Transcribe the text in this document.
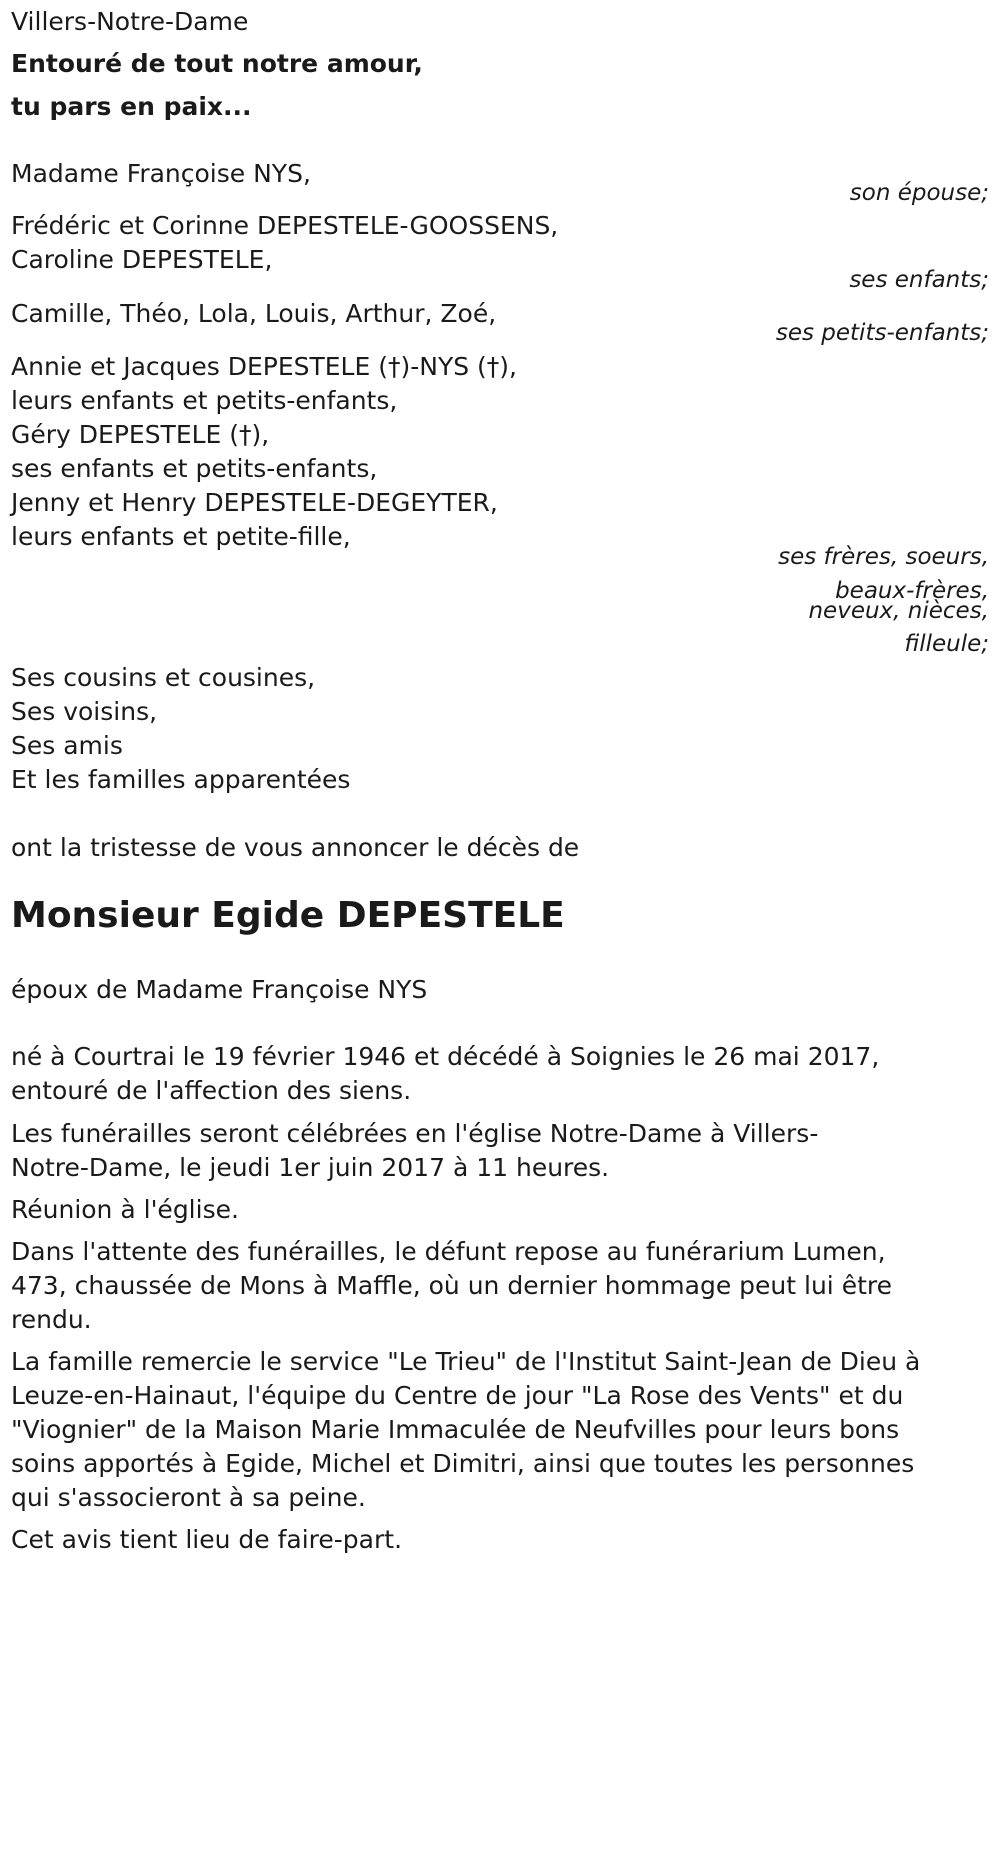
Villers-Notre-Dame

Entouré de tout notre amour,

tu pars en paix...

Madame Françoise NYS,

son épouse;

Frédéric et Corinne DEPESTELE-GOOSSENS,

Caroline DEPESTELE,

ses enfants;

Camille, Théo, Lola, Louis, Arthur, Zoé,

ses petits-enfants;

Annie et Jacques DEPESTELE (†)-NYS (†),

leurs enfants et petits-enfants,

Géry DEPESTELE (†),

ses enfants et petits-enfants,

Jenny et Henry DEPESTELE-DEGEYTER,

leurs enfants et petite-fille,

ses frères, soeurs,

beaux-frères,

neveux, nièces,

filleule;

Ses cousins et cousines,

Ses voisins,

Ses amis

Et les familles apparentées

ont la tristesse de vous annoncer le décès de

Monsieur Egide DEPESTELE

époux de Madame Françoise NYS

né à Courtrai le 19 février 1946 et décédé à Soignies le 26 mai 2017,

entouré de l'affection des siens.

Les funérailles seront célébrées en l'église Notre-Dame à Villers-

Notre-Dame, le jeudi 1er juin 2017 à 11 heures.

Réunion à l'église.

Dans l'attente des funérailles, le défunt repose au funérarium Lumen,

473, chaussée de Mons à Maffle, où un dernier hommage peut lui être

rendu.

La famille remercie le service "Le Trieu" de l'Institut Saint-Jean de Dieu à

Leuze-en-Hainaut, l'équipe du Centre de jour "La Rose des Vents" et du

"Viognier" de la Maison Marie Immaculée de Neufvilles pour leurs bons

soins apportés à Egide, Michel et Dimitri, ainsi que toutes les personnes

qui s'associeront à sa peine.

Cet avis tient lieu de faire-part.
